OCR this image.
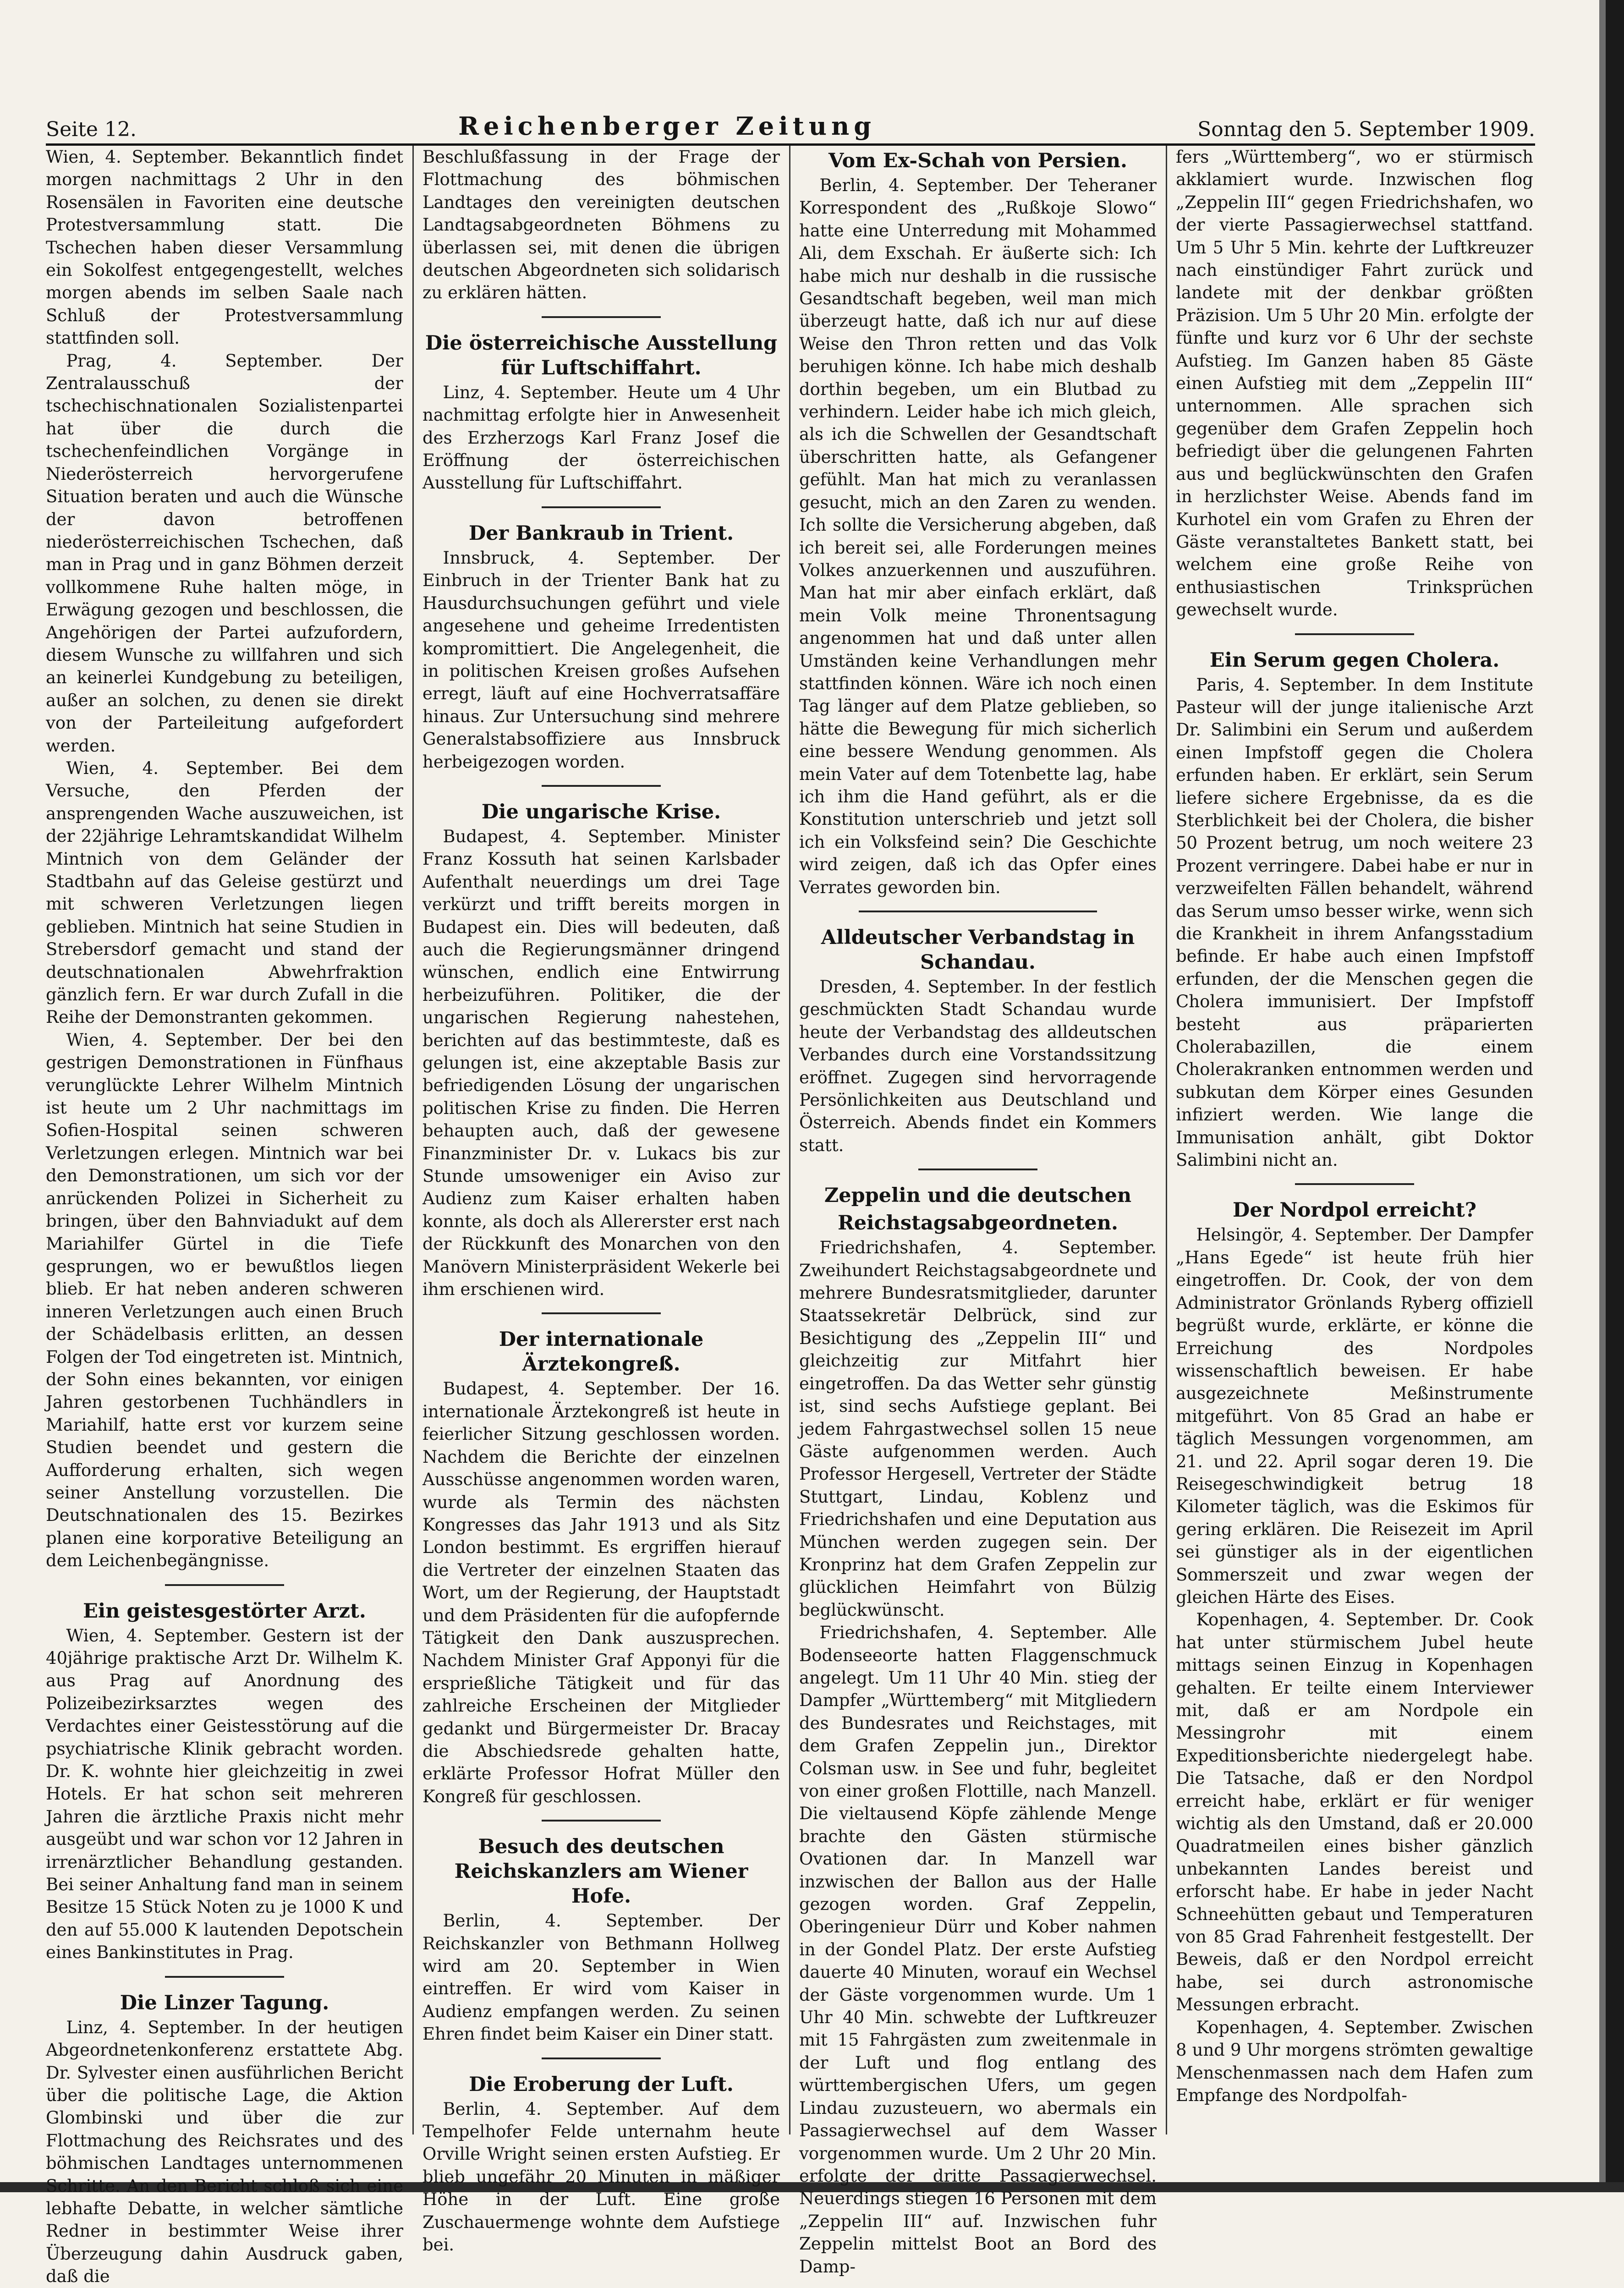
Seite 12.	Reichenberger Zeitung	Sonntag den 5. September 1909.

Wien, 4. September. Bekanntlich findet morgen nachmittags 2 Uhr in den Rosensälen in Favoriten eine deutsche Protestversammlung statt. Die Tschechen haben dieser Versammlung ein Sokolfest entgegengestellt, welches morgen abends im selben Saale nach Schluß der Protestversammlung stattfinden soll.

Prag, 4. September. Der Zentralausschuß der tschechischnationalen Sozialistenpartei hat über die durch die tschechenfeindlichen Vorgänge in Niederösterreich hervorgerufene Situation beraten und auch die Wünsche der davon betroffenen niederösterreichischen Tschechen, daß man in Prag und in ganz Böhmen derzeit vollkommene Ruhe halten möge, in Erwägung gezogen und beschlossen, die Angehörigen der Partei aufzufordern, diesem Wunsche zu willfahren und sich an keinerlei Kundgebung zu beteiligen, außer an solchen, zu denen sie direkt von der Parteileitung aufgefordert werden.

Wien, 4. September. Bei dem Versuche, den Pferden der ansprengenden Wache auszuweichen, ist der 22jährige Lehramtskandidat Wilhelm Mintnich von dem Geländer der Stadtbahn auf das Geleise gestürzt und mit schweren Verletzungen liegen geblieben. Mintnich hat seine Studien in Strebersdorf gemacht und stand der deutschnationalen Abwehrfraktion gänzlich fern. Er war durch Zufall in die Reihe der Demonstranten gekommen.

Wien, 4. September. Der bei den gestrigen Demonstrationen in Fünfhaus verunglückte Lehrer Wilhelm Mintnich ist heute um 2 Uhr nachmittags im Sofien-Hospital seinen schweren Verletzungen erlegen. Mintnich war bei den Demonstrationen, um sich vor der anrückenden Polizei in Sicherheit zu bringen, über den Bahnviadukt auf dem Mariahilfer Gürtel in die Tiefe gesprungen, wo er bewußtlos liegen blieb. Er hat neben anderen schweren inneren Verletzungen auch einen Bruch der Schädelbasis erlitten, an dessen Folgen der Tod eingetreten ist. Mintnich, der Sohn eines bekannten, vor einigen Jahren gestorbenen Tuchhändlers in Mariahilf, hatte erst vor kurzem seine Studien beendet und gestern die Aufforderung erhalten, sich wegen seiner Anstellung vorzustellen. Die Deutschnationalen des 15. Bezirkes planen eine korporative Beteiligung an dem Leichenbegängnisse.

Ein geistesgestörter Arzt.

Wien, 4. September. Gestern ist der 40jährige praktische Arzt Dr. Wilhelm K. aus Prag auf Anordnung des Polizeibezirksarztes wegen des Verdachtes einer Geistesstörung auf die psychiatrische Klinik gebracht worden. Dr. K. wohnte hier gleichzeitig in zwei Hotels. Er hat schon seit mehreren Jahren die ärztliche Praxis nicht mehr ausgeübt und war schon vor 12 Jahren in irrenärztlicher Behandlung gestanden. Bei seiner Anhaltung fand man in seinem Besitze 15 Stück Noten zu je 1000 K und den auf 55.000 K lautenden Depotschein eines Bankinstitutes in Prag.

Die Linzer Tagung.

Linz, 4. September. In der heutigen Abgeordnetenkonferenz erstattete Abg. Dr. Sylvester einen ausführlichen Bericht über die politische Lage, die Aktion Glombinski und über die zur Flottmachung des Reichsrates und des böhmischen Landtages unternommenen Schritte. An den Bericht schloß sich eine lebhafte Debatte, in welcher sämtliche Redner in bestimmter Weise ihrer Überzeugung dahin Ausdruck gaben, daß die

Beschlußfassung in der Frage der Flottmachung des böhmischen Landtages den vereinigten deutschen Landtagsabgeordneten Böhmens zu überlassen sei, mit denen die übrigen deutschen Abgeordneten sich solidarisch zu erklären hätten.

Die österreichische Ausstellung für Luftschiffahrt.

Linz, 4. September. Heute um 4 Uhr nachmittag erfolgte hier in Anwesenheit des Erzherzogs Karl Franz Josef die Eröffnung der österreichischen Ausstellung für Luftschiffahrt.

Der Bankraub in Trient.

Innsbruck, 4. September. Der Einbruch in der Trienter Bank hat zu Hausdurchsuchungen geführt und viele angesehene und geheime Irredentisten kompromittiert. Die Angelegenheit, die in politischen Kreisen großes Aufsehen erregt, läuft auf eine Hochverratsaffäre hinaus. Zur Untersuchung sind mehrere Generalstabsoffiziere aus Innsbruck herbeigezogen worden.

Die ungarische Krise.

Budapest, 4. September. Minister Franz Kossuth hat seinen Karlsbader Aufenthalt neuerdings um drei Tage verkürzt und trifft bereits morgen in Budapest ein. Dies will bedeuten, daß auch die Regierungsmänner dringend wünschen, endlich eine Entwirrung herbeizuführen. Politiker, die der ungarischen Regierung nahestehen, berichten auf das bestimmteste, daß es gelungen ist, eine akzeptable Basis zur befriedigenden Lösung der ungarischen politischen Krise zu finden. Die Herren behaupten auch, daß der gewesene Finanzminister Dr. v. Lukacs bis zur Stunde umsoweniger ein Aviso zur Audienz zum Kaiser erhalten haben konnte, als doch als Allererster erst nach der Rückkunft des Monarchen von den Manövern Ministerpräsident Wekerle bei ihm erschienen wird.

Der internationale Ärztekongreß.

Budapest, 4. September. Der 16. internationale Ärztekongreß ist heute in feierlicher Sitzung geschlossen worden. Nachdem die Berichte der einzelnen Ausschüsse angenommen worden waren, wurde als Termin des nächsten Kongresses das Jahr 1913 und als Sitz London bestimmt. Es ergriffen hierauf die Vertreter der einzelnen Staaten das Wort, um der Regierung, der Hauptstadt und dem Präsidenten für die aufopfernde Tätigkeit den Dank auszusprechen. Nachdem Minister Graf Apponyi für die ersprießliche Tätigkeit und für das zahlreiche Erscheinen der Mitglieder gedankt und Bürgermeister Dr. Bracay die Abschiedsrede gehalten hatte, erklärte Professor Hofrat Müller den Kongreß für geschlossen.

Besuch des deutschen Reichskanzlers am Wiener Hofe.

Berlin, 4. September. Der Reichskanzler von Bethmann Hollweg wird am 20. September in Wien eintreffen. Er wird vom Kaiser in Audienz empfangen werden. Zu seinen Ehren findet beim Kaiser ein Diner statt.

Die Eroberung der Luft.

Berlin, 4. September. Auf dem Tempelhofer Felde unternahm heute Orville Wright seinen ersten Aufstieg. Er blieb ungefähr 20 Minuten in mäßiger Höhe in der Luft. Eine große Zuschauermenge wohnte dem Aufstiege bei.

Vom Ex-Schah von Persien.

Berlin, 4. September. Der Teheraner Korrespondent des „Rußkoje Slowo“ hatte eine Unterredung mit Mohammed Ali, dem Exschah. Er äußerte sich: Ich habe mich nur deshalb in die russische Gesandtschaft begeben, weil man mich überzeugt hatte, daß ich nur auf diese Weise den Thron retten und das Volk beruhigen könne. Ich habe mich deshalb dorthin begeben, um ein Blutbad zu verhindern. Leider habe ich mich gleich, als ich die Schwellen der Gesandtschaft überschritten hatte, als Gefangener gefühlt. Man hat mich zu veranlassen gesucht, mich an den Zaren zu wenden. Ich sollte die Versicherung abgeben, daß ich bereit sei, alle Forderungen meines Volkes anzuerkennen und auszuführen. Man hat mir aber einfach erklärt, daß mein Volk meine Thronentsagung angenommen hat und daß unter allen Umständen keine Verhandlungen mehr stattfinden können. Wäre ich noch einen Tag länger auf dem Platze geblieben, so hätte die Bewegung für mich sicherlich eine bessere Wendung genommen. Als mein Vater auf dem Totenbette lag, habe ich ihm die Hand geführt, als er die Konstitution unterschrieb und jetzt soll ich ein Volksfeind sein? Die Geschichte wird zeigen, daß ich das Opfer eines Verrates geworden bin.

Alldeutscher Verbandstag in Schandau.

Dresden, 4. September. In der festlich geschmückten Stadt Schandau wurde heute der Verbandstag des alldeutschen Verbandes durch eine Vorstandssitzung eröffnet. Zugegen sind hervorragende Persönlichkeiten aus Deutschland und Österreich. Abends findet ein Kommers statt.

Zeppelin und die deutschen
Reichstagsabgeordneten.

Friedrichshafen, 4. September. Zweihundert Reichstagsabgeordnete und mehrere Bundesratsmitglieder, darunter Staatssekretär Delbrück, sind zur Besichtigung des „Zeppelin III“ und gleichzeitig zur Mitfahrt hier eingetroffen. Da das Wetter sehr günstig ist, sind sechs Aufstiege geplant. Bei jedem Fahrgastwechsel sollen 15 neue Gäste aufgenommen werden. Auch Professor Hergesell, Vertreter der Städte Stuttgart, Lindau, Koblenz und Friedrichshafen und eine Deputation aus München werden zugegen sein. Der Kronprinz hat dem Grafen Zeppelin zur glücklichen Heimfahrt von Bülzig beglückwünscht.

Friedrichshafen, 4. September. Alle Bodenseeorte hatten Flaggenschmuck angelegt. Um 11 Uhr 40 Min. stieg der Dampfer „Württemberg“ mit Mitgliedern des Bundesrates und Reichstages, mit dem Grafen Zeppelin jun., Direktor Colsman usw. in See und fuhr, begleitet von einer großen Flottille, nach Manzell. Die vieltausend Köpfe zählende Menge brachte den Gästen stürmische Ovationen dar. In Manzell war inzwischen der Ballon aus der Halle gezogen worden. Graf Zeppelin, Oberingenieur Dürr und Kober nahmen in der Gondel Platz. Der erste Aufstieg dauerte 40 Minuten, worauf ein Wechsel der Gäste vorgenommen wurde. Um 1 Uhr 40 Min. schwebte der Luftkreuzer mit 15 Fahrgästen zum zweitenmale in der Luft und flog entlang des württembergischen Ufers, um gegen Lindau zuzusteuern, wo abermals ein Passagierwechsel auf dem Wasser vorgenommen wurde. Um 2 Uhr 20 Min. erfolgte der dritte Passagierwechsel. Neuerdings stiegen 16 Personen mit dem „Zeppelin III“ auf. Inzwischen fuhr Zeppelin mittelst Boot an Bord des Damp-

fers „Württemberg“, wo er stürmisch akklamiert wurde. Inzwischen flog „Zeppelin III“ gegen Friedrichshafen, wo der vierte Passagierwechsel stattfand. Um 5 Uhr 5 Min. kehrte der Luftkreuzer nach einstündiger Fahrt zurück und landete mit der denkbar größten Präzision. Um 5 Uhr 20 Min. erfolgte der fünfte und kurz vor 6 Uhr der sechste Aufstieg. Im Ganzen haben 85 Gäste einen Aufstieg mit dem „Zeppelin III“ unternommen. Alle sprachen sich gegenüber dem Grafen Zeppelin hoch befriedigt über die gelungenen Fahrten aus und beglückwünschten den Grafen in herzlichster Weise. Abends fand im Kurhotel ein vom Grafen zu Ehren der Gäste veranstaltetes Bankett statt, bei welchem eine große Reihe von enthusiastischen Trinksprüchen gewechselt wurde.

Ein Serum gegen Cholera.

Paris, 4. September. In dem Institute Pasteur will der junge italienische Arzt Dr. Salimbini ein Serum und außerdem einen Impfstoff gegen die Cholera erfunden haben. Er erklärt, sein Serum liefere sichere Ergebnisse, da es die Sterblichkeit bei der Cholera, die bisher 50 Prozent betrug, um noch weitere 23 Prozent verringere. Dabei habe er nur in verzweifelten Fällen behandelt, während das Serum umso besser wirke, wenn sich die Krankheit in ihrem Anfangsstadium befinde. Er habe auch einen Impfstoff erfunden, der die Menschen gegen die Cholera immunisiert. Der Impfstoff besteht aus präparierten Cholerabazillen, die einem Cholerakranken entnommen werden und subkutan dem Körper eines Gesunden infiziert werden. Wie lange die Immunisation anhält, gibt Doktor Salimbini nicht an.

Der Nordpol erreicht?

Helsingör, 4. September. Der Dampfer „Hans Egede“ ist heute früh hier eingetroffen. Dr. Cook, der von dem Administrator Grönlands Ryberg offiziell begrüßt wurde, erklärte, er könne die Erreichung des Nordpoles wissenschaftlich beweisen. Er habe ausgezeichnete Meßinstrumente mitgeführt. Von 85 Grad an habe er täglich Messungen vorgenommen, am 21. und 22. April sogar deren 19. Die Reisegeschwindigkeit betrug 18 Kilometer täglich, was die Eskimos für gering erklären. Die Reisezeit im April sei günstiger als in der eigentlichen Sommerszeit und zwar wegen der gleichen Härte des Eises.

Kopenhagen, 4. September. Dr. Cook hat unter stürmischem Jubel heute mittags seinen Einzug in Kopenhagen gehalten. Er teilte einem Interviewer mit, daß er am Nordpole ein Messingrohr mit einem Expeditionsberichte niedergelegt habe. Die Tatsache, daß er den Nordpol erreicht habe, erklärt er für weniger wichtig als den Umstand, daß er 20.000 Quadratmeilen eines bisher gänzlich unbekannten Landes bereist und erforscht habe. Er habe in jeder Nacht Schneehütten gebaut und Temperaturen von 85 Grad Fahrenheit festgestellt. Der Beweis, daß er den Nordpol erreicht habe, sei durch astronomische Messungen erbracht.

Kopenhagen, 4. September. Zwischen 8 und 9 Uhr morgens strömten gewaltige Menschenmassen nach dem Hafen zum Empfange des Nordpolfah-
